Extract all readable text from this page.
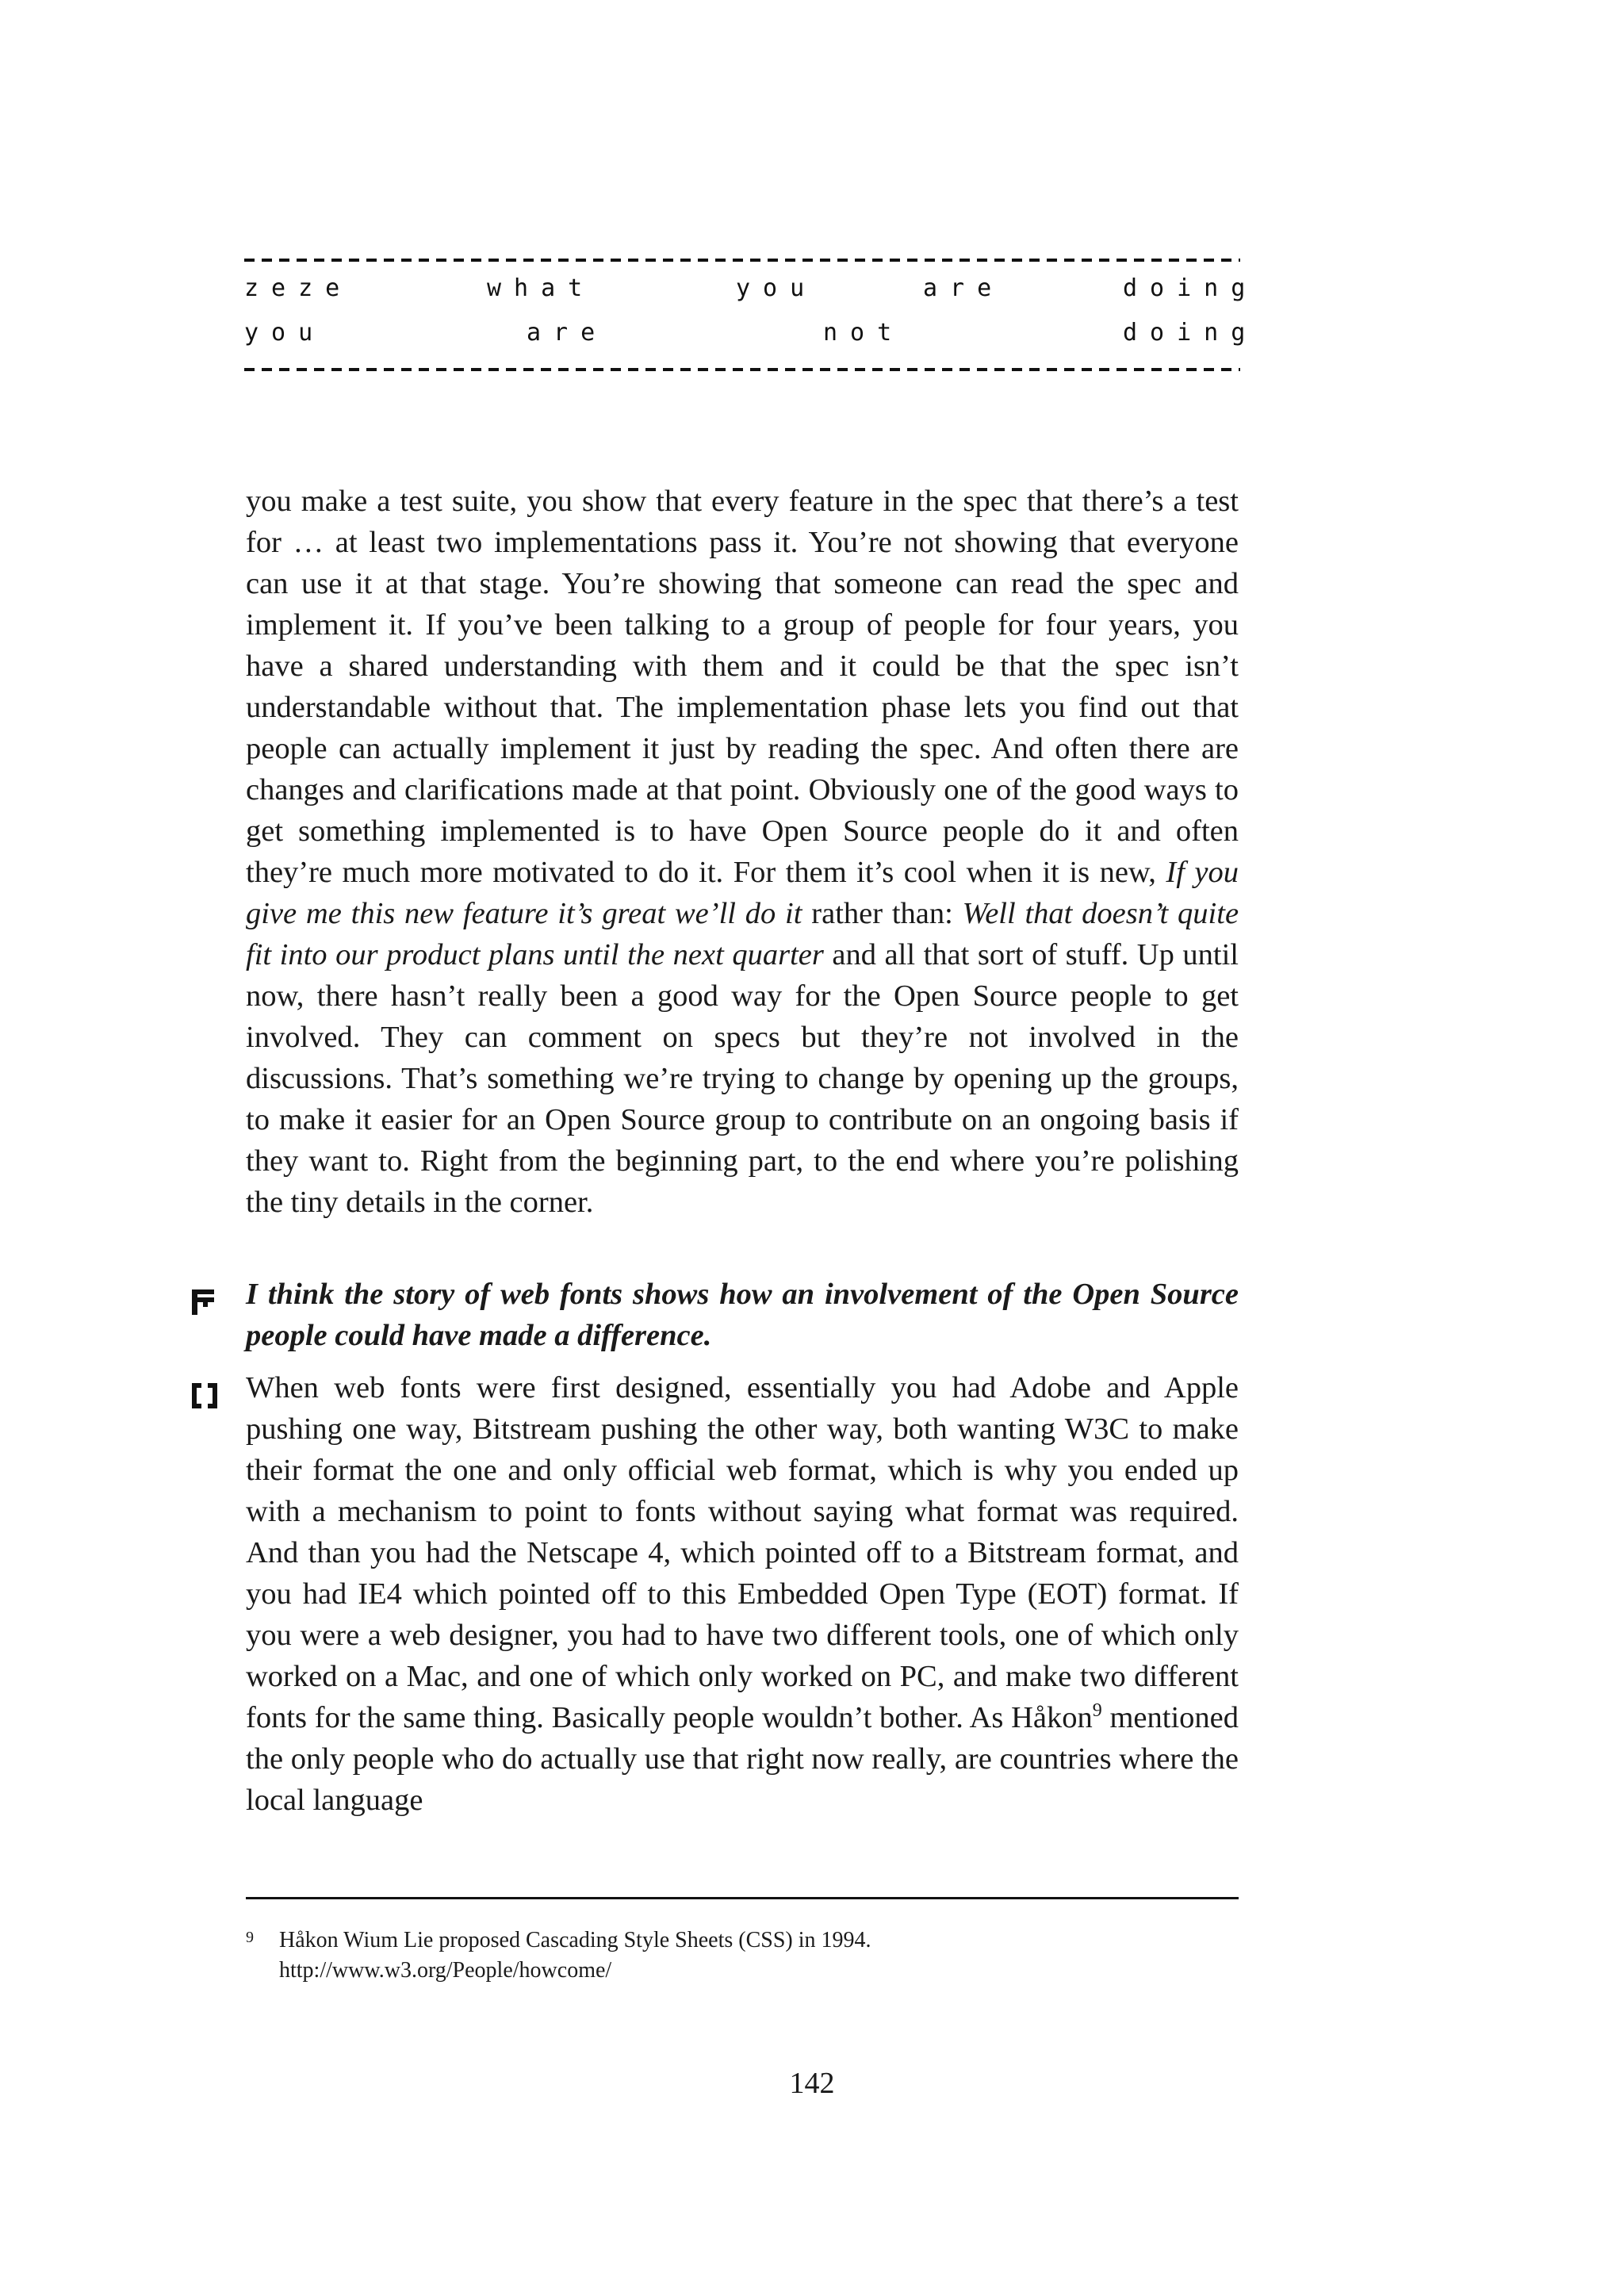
zeze	what	you	are	doing
you	are	not	doing

you make a test suite, you show that every feature in the spec that there’s a test for … at least two implementations pass it. You’re not showing that everyone can use it at that stage. You’re showing that someone can read the spec and implement it. If you’ve been talking to a group of people for four years, you have a shared understanding with them and it could be that the spec isn’t understandable without that. The implementation phase lets you find out that people can actually implement it just by reading the spec. And often there are changes and clarifications made at that point. Obviously one of the good ways to get something implemented is to have Open Source people do it and often they’re much more motivated to do it. For them it’s cool when it is new, If you give me this new feature it’s great we’ll do it rather than: Well that doesn’t quite fit into our product plans until the next quarter and all that sort of stuff. Up until now, there hasn’t really been a good way for the Open Source people to get involved. They can comment on specs but they’re not involved in the discussions. That’s something we’re trying to change by opening up the groups, to make it easier for an Open Source group to contribute on an ongoing basis if they want to. Right from the beginning part, to the end where you’re polishing the tiny details in the corner.

I think the story of web fonts shows how an involvement of the Open Source people could have made a difference.

When web fonts were first designed, essentially you had Adobe and Apple pushing one way, Bitstream pushing the other way, both wanting W3C to make their format the one and only official web format, which is why you ended up with a mechanism to point to fonts without saying what format was required. And than you had the Netscape 4, which pointed off to a Bitstream format, and you had IE4 which pointed off to this Embedded Open Type (EOT) format. If you were a web designer, you had to have two different tools, one of which only worked on a Mac, and one of which only worked on PC, and make two different fonts for the same thing. Basically people wouldn’t bother. As Håkon$^9$ mentioned the only people who do actually use that right now really, are countries where the local language

9 Håkon Wium Lie proposed Cascading Style Sheets (CSS) in 1994.
http://www.w3.org/People/howcome/
142
